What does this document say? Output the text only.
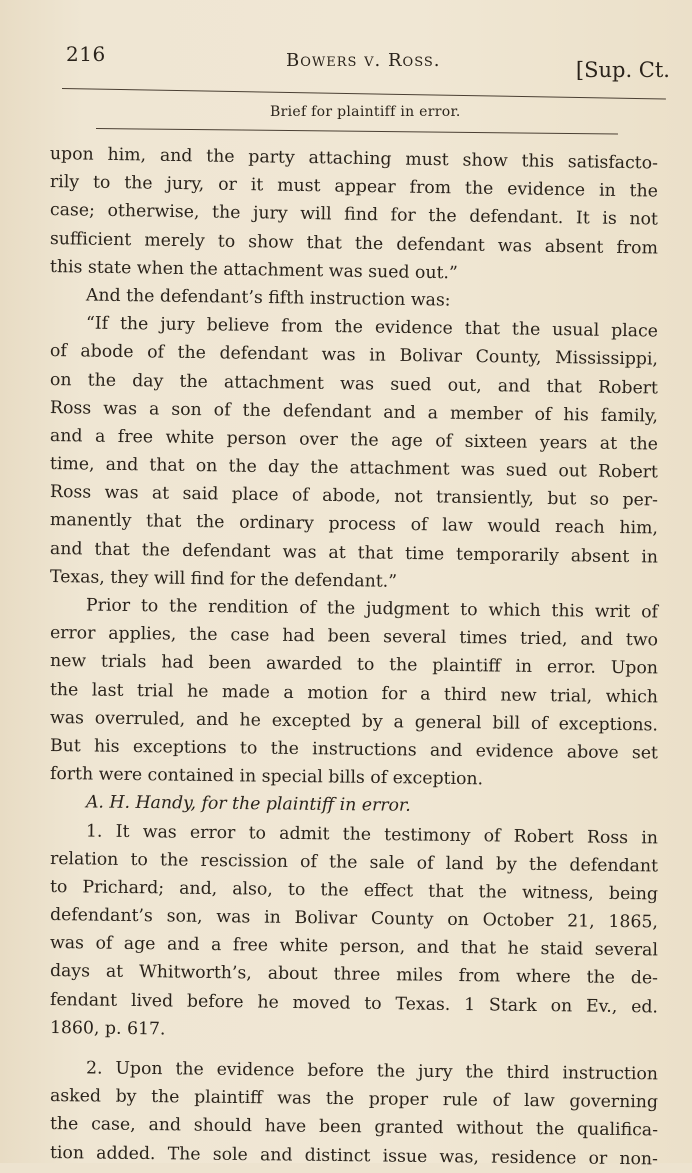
216	Bowers v. Ross.	[Sup. Ct.
Brief for plaintiff in error.
upon him, and the party attaching must show this satisfacto-
rily to the jury, or it must appear from the evidence in the
case; otherwise, the jury will find for the defendant. It is not
sufficient merely to show that the defendant was absent from
this state when the attachment was sued out.”
And the defendant’s fifth instruction was:
“If the jury believe from the evidence that the usual place
of abode of the defendant was in Bolivar County, Mississippi,
on the day the attachment was sued out, and that Robert
Ross was a son of the defendant and a member of his family,
and a free white person over the age of sixteen years at the
time, and that on the day the attachment was sued out Robert
Ross was at said place of abode, not transiently, but so per-
manently that the ordinary process of law would reach him,
and that the defendant was at that time temporarily absent in
Texas, they will find for the defendant.”
Prior to the rendition of the judgment to which this writ of
error applies, the case had been several times tried, and two
new trials had been awarded to the plaintiff in error. Upon
the last trial he made a motion for a third new trial, which
was overruled, and he excepted by a general bill of exceptions.
But his exceptions to the instructions and evidence above set
forth were contained in special bills of exception.
A. H. Handy, for the plaintiff in error.
1. It was error to admit the testimony of Robert Ross in
relation to the rescission of the sale of land by the defendant
to Prichard; and, also, to the effect that the witness, being
defendant’s son, was in Bolivar County on October 21, 1865,
was of age and a free white person, and that he staid several
days at Whitworth’s, about three miles from where the de-
fendant lived before he moved to Texas. 1 Stark on Ev., ed.
1860, p. 617.
2. Upon the evidence before the jury the third instruction
asked by the plaintiff was the proper rule of law governing
the case, and should have been granted without the qualifica-
tion added. The sole and distinct issue was, residence or non-
